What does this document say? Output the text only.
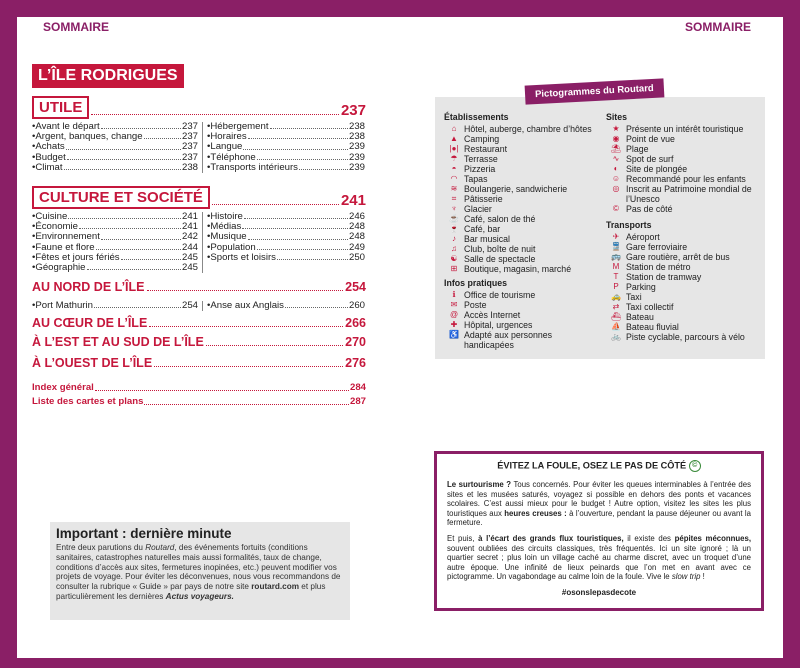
4	SOMMAIRE	SOMMAIRE	5
L’ÎLE RODRIGUES
UTILE	237
• Avant le départ	237
• Argent, banques, change	237
• Achats	237
• Budget	237
• Climat	238
• Hébergement	238
• Horaires	238
• Langue	239
• Téléphone	239
• Transports intérieurs	239
CULTURE ET SOCIÉTÉ	241
• Cuisine	241
• Économie	241
• Environnement	242
• Faune et flore	244
• Fêtes et jours fériés	245
• Géographie	245
• Histoire	246
• Médias	248
• Musique	248
• Population	249
• Sports et loisirs	250
AU NORD DE L’ÎLE	254
• Port Mathurin	254 • Anse aux Anglais	260
AU CŒUR DE L’ÎLE	266
À L’EST ET AU SUD DE L’ÎLE	270
À L’OUEST DE L’ÎLE	276
Index général	284
Liste des cartes et plans	287
Important : dernière minute
Entre deux parutions du Routard, des événements fortuits (conditions sanitaires, catastrophes naturelles mais aussi formalités, taux de change, conditions d’accès aux sites, fermetures inopinées, etc.) peuvent modifier vos projets de voyage. Pour éviter les déconvenues, nous vous recommandons de consulter la rubrique « Guide » par pays de notre site routard.com et plus particulièrement les dernières Actus voyageurs.
Pictogrammes du Routard
Établissements
⌂ Hôtel, auberge, chambre d’hôtes
▲ Camping
|●| Restaurant
☂ Terrasse
◓ Pizzeria
◠ Tapas
≋ Boulangerie, sandwicherie
⌗ Pâtisserie
♆ Glacier
☕ Café, salon de thé
🍷 Café, bar
♪ Bar musical
♫ Club, boîte de nuit
☯ Salle de spectacle
⊞ Boutique, magasin, marché
Infos pratiques
ℹ Office de tourisme
✉ Poste
@ Accès Internet
✚ Hôpital, urgences
♿ Adapté aux personnes handicapées
Sites
★ Présente un intérêt touristique
◉ Point de vue
⛱ Plage
∿ Spot de surf
◐ Site de plongée
☺ Recommandé pour les enfants
◎ Inscrit au Patrimoine mondial de l’Unesco
© Pas de côté
Transports
✈ Aéroport
🚆 Gare ferroviaire
🚌 Gare routière, arrêt de bus
M Station de métro
T Station de tramway
P Parking
🚕 Taxi
⇄ Taxi collectif
⛴ Bateau
⛵ Bateau fluvial
🚲 Piste cyclable, parcours à vélo
ÉVITEZ LA FOULE, OSEZ LE PAS DE CÔTÉ ©
Le surtourisme ? Tous concernés. Pour éviter les queues interminables à l’entrée des sites et les musées saturés, voyagez si possible en dehors des ponts et vacances scolaires. C’est aussi mieux pour le budget ! Autre option, visitez les sites les plus touristiques aux heures creuses : à l’ouverture, pendant la pause déjeuner ou avant la fermeture.
Et puis, à l’écart des grands flux touristiques, il existe des pépites méconnues, souvent oubliées des circuits classiques, très fréquentés. Ici un site ignoré ; là un quartier secret ; plus loin un village caché au charme discret, avec un troquet d’une autre époque. Une infinité de lieux peinards que l’on met en avant avec ce pictogramme. Un vagabondage au calme loin de la foule. Vive le slow trip !
#osonslepasdecote
